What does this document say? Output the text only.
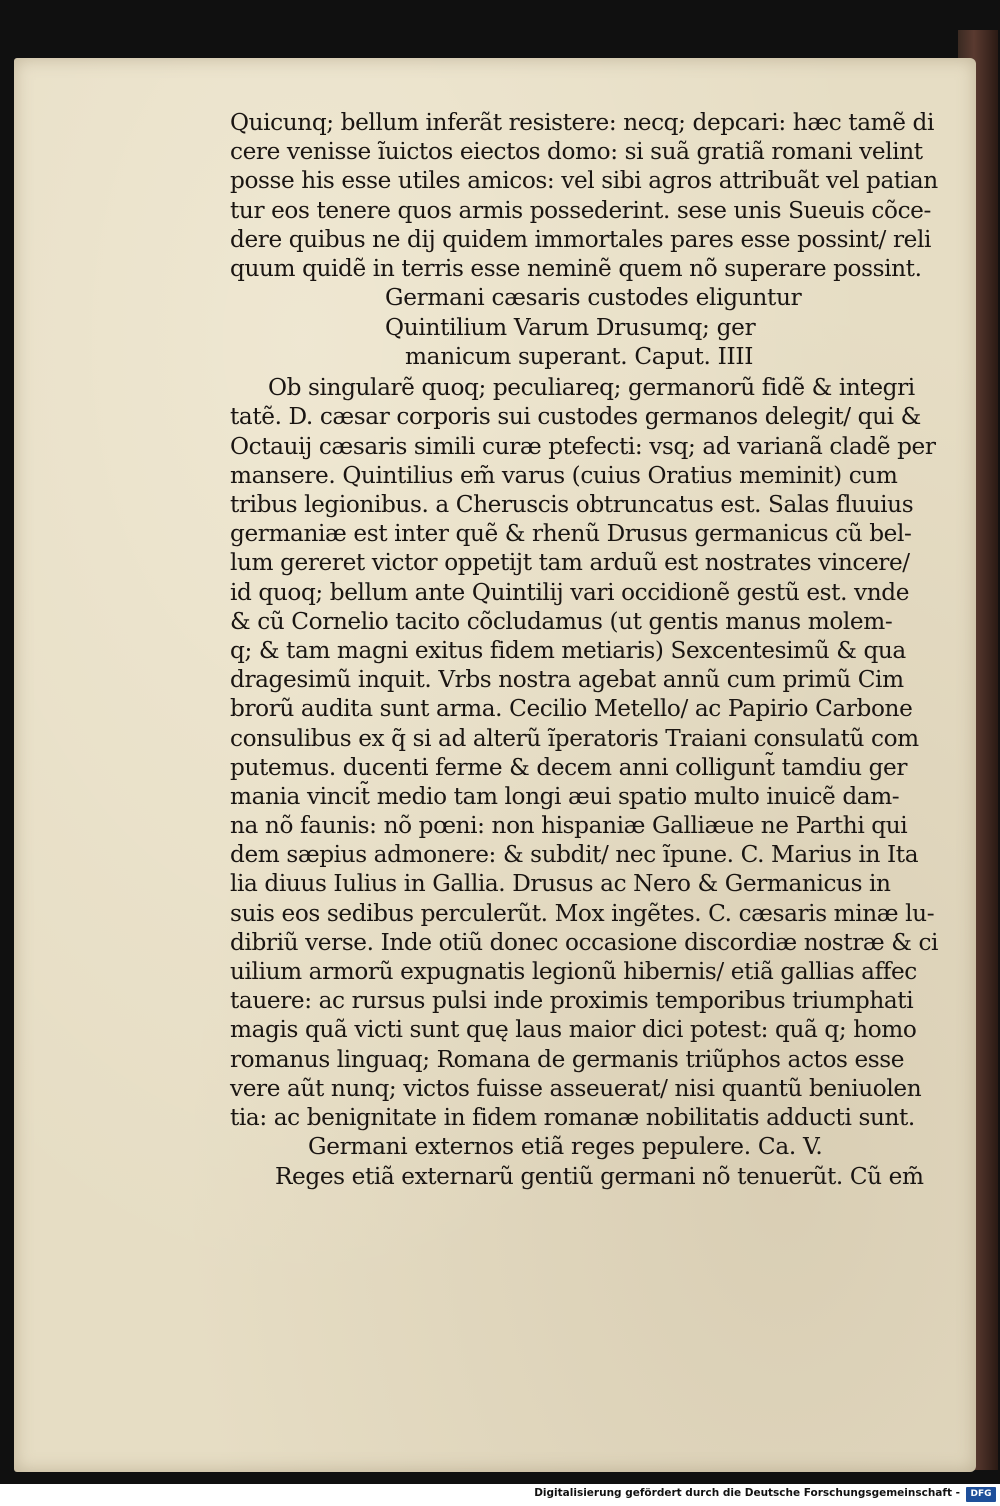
Quicunq; bellum inferãt resistere: necq; depcari: hæc tamẽ di
cere venisse ĩuictos eiectos domo: si suã gratiã romani velint
posse his esse utiles amicos: vel sibi agros attribuãt vel patian
tur eos tenere quos armis possederint. sese unis Sueuis cõce-
dere quibus ne dij quidem immortales pares esse possint/ reli
quum quidẽ in terris esse neminẽ quem nõ superare possint.
Germani cæsaris custodes eliguntur
Quintilium Varum Drusumq; ger
manicum superant. Caput. IIII
Ob singularẽ quoq; peculiareq; germanorũ fidẽ & integri
tatẽ. D. cæsar corporis sui custodes germanos delegit/ qui &
Octauij cæsaris simili curæ ptefecti: vsq; ad varianã cladẽ per
mansere. Quintilius em̃ varus (cuius Oratius meminit) cum
tribus legionibus. a Cheruscis obtruncatus est. Salas fluuius
germaniæ est inter quẽ & rhenũ Drusus germanicus cũ bel-
lum gereret victor oppetijt tam arduũ est nostrates vincere/
id quoq; bellum ante Quintilij vari occidionẽ gestũ est. vnde
& cũ Cornelio tacito cõcludamus (ut gentis manus molem-
q; & tam magni exitus fidem metiaris) Sexcentesimũ & qua
dragesimũ inquit. Vrbs nostra agebat annũ cum primũ Cim
brorũ audita sunt arma. Cecilio Metello/ ac Papirio Carbone
consulibus ex q̃ si ad alterũ ĩperatoris Traiani consulatũ com
putemus. ducenti ferme & decem anni colligunt̃ tamdiu ger
mania vincit̃ medio tam longi æui spatio multo inuicẽ dam-
na nõ faunis: nõ pœni: non hispaniæ Galliæue ne Parthi qui
dem sæpius admonere: & subdit/ nec ĩpune. C. Marius in Ita
lia diuus Iulius in Gallia. Drusus ac Nero & Germanicus in
suis eos sedibus perculerũt. Mox ingẽtes. C. cæsaris minæ lu-
dibriũ verse. Inde otiũ donec occasione discordiæ nostræ & ci
uilium armorũ expugnatis legionũ hibernis/ etiã gallias affec
tauere: ac rursus pulsi inde proximis temporibus triumphati
magis quã victi sunt quę laus maior dici potest: quã q; homo
romanus linguaq; Romana de germanis triũphos actos esse
vere aũt nunq; victos fuisse asseuerat/ nisi quantũ beniuolen
tia: ac benignitate in fidem romanæ nobilitatis adducti sunt.
Germani externos etiã reges pepulere. Ca. V.
Reges etiã externarũ gentiũ germani nõ tenuerũt. Cũ em̃
Digitalisierung gefördert durch die Deutsche Forschungsgemeinschaft -	DFG
